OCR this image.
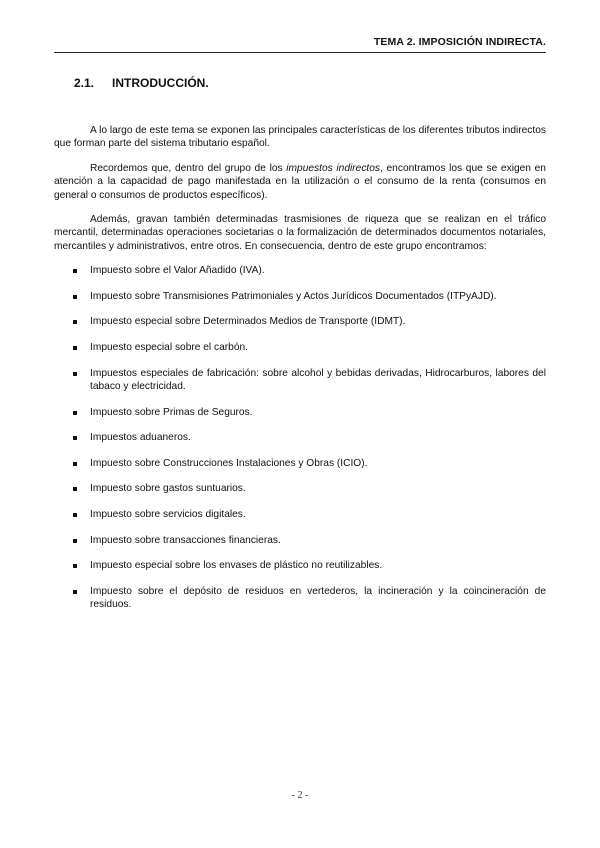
TEMA 2. IMPOSICIÓN INDIRECTA.
2.1. INTRODUCCIÓN.

A lo largo de este tema se exponen las principales características de los diferentes tributos indirectos que forman parte del sistema tributario español.

Recordemos que, dentro del grupo de los impuestos indirectos, encontramos los que se exigen en atención a la capacidad de pago manifestada en la utilización o el consumo de la renta (consumos en general o consumos de productos específicos).

Además, gravan también determinadas trasmisiones de riqueza que se realizan en el tráfico mercantil, determinadas operaciones societarias o la formalización de determinados documentos notariales, mercantiles y administrativos, entre otros. En consecuencia, dentro de este grupo encontramos:

Impuesto sobre el Valor Añadido (IVA).
Impuesto sobre Transmisiones Patrimoniales y Actos Jurídicos Documentados (ITPyAJD).
Impuesto especial sobre Determinados Medios de Transporte (IDMT).
Impuesto especial sobre el carbón.
Impuestos especiales de fabricación: sobre alcohol y bebidas derivadas, Hidrocarburos, labores del tabaco y electricidad.
Impuesto sobre Primas de Seguros.
Impuestos aduaneros.
Impuesto sobre Construcciones Instalaciones y Obras (ICIO).
Impuesto sobre gastos suntuarios.
Impuesto sobre servicios digitales.
Impuesto sobre transacciones financieras.
Impuesto especial sobre los envases de plástico no reutilizables.
Impuesto sobre el depósito de residuos en vertederos, la incineración y la coincineración de residuos.
- 2 -
